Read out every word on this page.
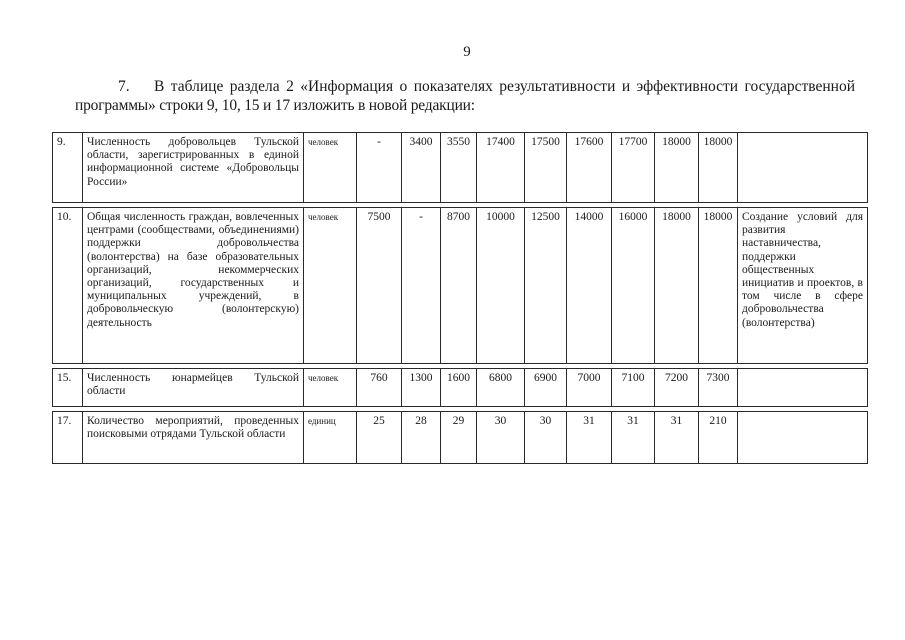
9
7. В таблице раздела 2 «Информация о показателях результативности и эффективности государственной
программы» строки 9, 10, 15 и 17 изложить в новой редакции:
9.	Численность добровольцев Тульской области, зарегистрированных в единой информационной системе «Добровольцы России»	человек	-	3400	3550	17400	17500	17600	17700	18000	18000	

10.	Общая численность граждан, вовлеченных центрами (сообществами, объединениями) поддержки добровольчества (волонтерства) на базе образовательных организаций, некоммерческих организаций, государственных и муниципальных учреждений, в добровольческую (волонтерскую) деятельность	человек	7500	-	8700	10000	12500	14000	16000	18000	18000	Создание условий для развития наставничества, поддержки общественных инициатив и проектов, в том числе в сфере добровольчества (волонтерства)

15.	Численность юнармейцев Тульской области	человек	760	1300	1600	6800	6900	7000	7100	7200	7300	

17.	Количество мероприятий, проведенных поисковыми отрядами Тульской области	единиц	25	28	29	30	30	31	31	31	210	
